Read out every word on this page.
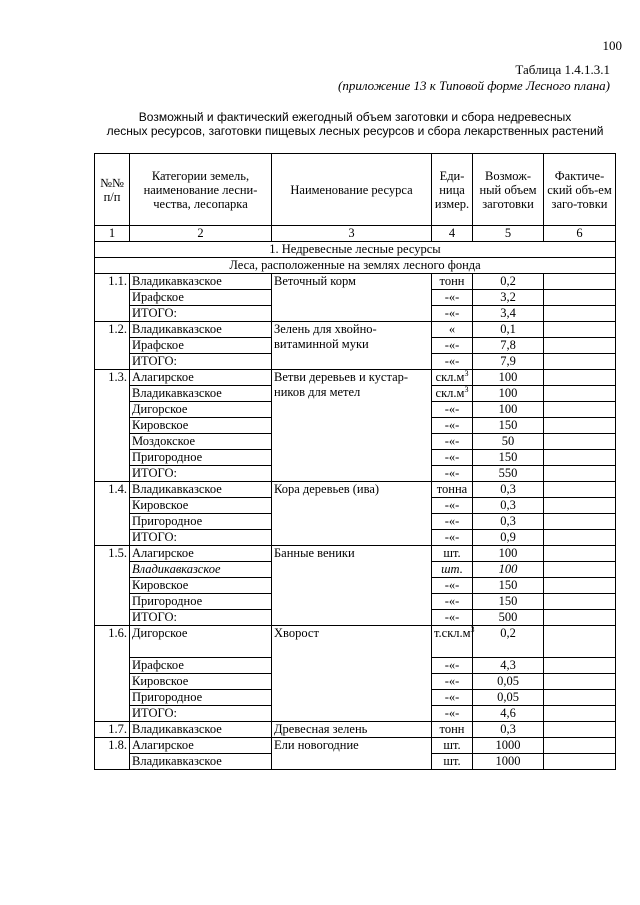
100
Таблица 1.4.1.3.1
(приложение 13 к Типовой форме Лесного плана)
Возможный и фактический ежегодный объем заготовки и сбора недревесных
лесных ресурсов, заготовки пищевых лесных ресурсов и сбора лекарственных растений
№№ п/п	Категории земель, наименование лесни-чества, лесопарка	Наименование ресурса	Еди-ница измер.	Возмож-ный объем заготовки	Фактиче-ский объ-ем заго-товки
1	2	3	4	5	6
1. Недревесные лесные ресурсы					
Леса, расположенные на землях лесного фонда					
1.1.	Владикавказское	Веточный корм	тонн	0,2	
	Ирафское		-«-	3,2	
	ИТОГО:		-«-	3,4	
1.2.	Владикавказское	Зелень для хвойно-витаминной муки	«	0,1	
	Ирафское		-«-	7,8	
	ИТОГО:		-«-	7,9	
1.3.	Алагирское	Ветви деревьев и кустар-ников для метел	$скл.м^3$	100	
	Владикавказское		$скл.м^3$	100	
	Дигорское		-«-	100	
	Кировское		-«-	150	
	Моздокское		-«-	50	
	Пригородное		-«-	150	
	ИТОГО:		-«-	550	
1.4.	Владикавказское	Кора деревьев (ива)	тонна	0,3	
	Кировское		-«-	0,3	
	Пригородное		-«-	0,3	
	ИТОГО:		-«-	0,9	
1.5.	Алагирское	Банные веники	шт.	100	
	Владикавказское		шт.	100	
	Кировское		-«-	150	
	Пригородное		-«-	150	
	ИТОГО:		-«-	500	
1.6.	Дигорское	Хворост	$т.скл.м^3$	0,2	
	Ирафское		-«-	4,3	
	Кировское		-«-	0,05	
	Пригородное		-«-	0,05	
	ИТОГО:		-«-	4,6	
1.7.	Владикавказское	Древесная зелень	тонн	0,3	
1.8.	Алагирское	Ели новогодние	шт.	1000	
	Владикавказское		шт.	1000	
